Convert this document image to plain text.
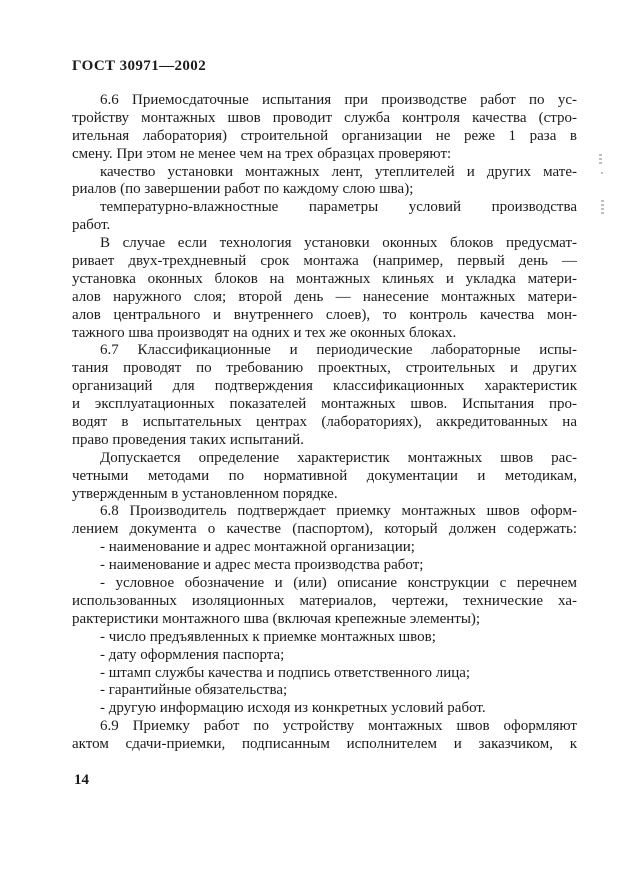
ГОСТ 30971—2002
6.6 Приемосдаточные испытания при производстве работ по ус-
тройству монтажных швов проводит служба контроля качества (стро-
ительная лаборатория) строительной организации не реже 1 раза в
смену. При этом не менее чем на трех образцах проверяют:
качество установки монтажных лент, утеплителей и других мате-
риалов (по завершении работ по каждому слою шва);
температурно-влажностные параметры условий производства
работ.
В случае если технология установки оконных блоков предусмат-
ривает двух-трехдневный срок монтажа (например, первый день —
установка оконных блоков на монтажных клиньях и укладка матери-
алов наружного слоя; второй день — нанесение монтажных матери-
алов центрального и внутреннего слоев), то контроль качества мон-
тажного шва производят на одних и тех же оконных блоках.
6.7 Классификационные и периодические лабораторные испы-
тания проводят по требованию проектных, строительных и других
организаций для подтверждения классификационных характеристик
и эксплуатационных показателей монтажных швов. Испытания про-
водят в испытательных центрах (лабораториях), аккредитованных на
право проведения таких испытаний.
Допускается определение характеристик монтажных швов рас-
четными методами по нормативной документации и методикам,
утвержденным в установленном порядке.
6.8 Производитель подтверждает приемку монтажных швов оформ-
лением документа о качестве (паспортом), который должен содержать:
- наименование и адрес монтажной организации;
- наименование и адрес места производства работ;
- условное обозначение и (или) описание конструкции с перечнем
использованных изоляционных материалов, чертежи, технические ха-
рактеристики монтажного шва (включая крепежные элементы);
- число предъявленных к приемке монтажных швов;
- дату оформления паспорта;
- штамп службы качества и подпись ответственного лица;
- гарантийные обязательства;
- другую информацию исходя из конкретных условий работ.
6.9 Приемку работ по устройству монтажных швов оформляют
актом сдачи-приемки, подписанным исполнителем и заказчиком, к
14
